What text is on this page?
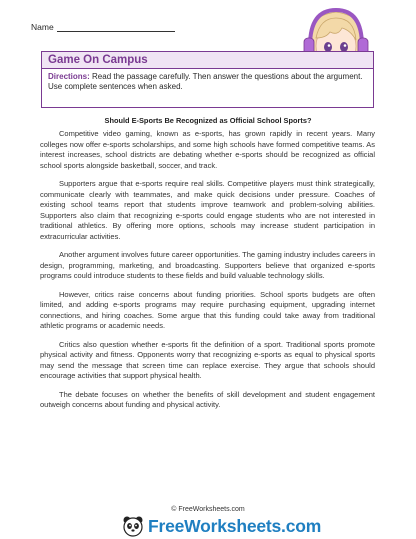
Name
Game On Campus
Directions: Read the passage carefully. Then answer the questions about the argument. Use complete sentences when asked.
Should E-Sports Be Recognized as Official School Sports?

Competitive video gaming, known as e-sports, has grown rapidly in recent years. Many colleges now offer e-sports scholarships, and some high schools have formed competitive teams. As interest increases, school districts are debating whether e-sports should be recognized as official school sports alongside basketball, soccer, and track.

Supporters argue that e-sports require real skills. Competitive players must think strategically, communicate clearly with teammates, and make quick decisions under pressure. Coaches of existing school teams report that students improve teamwork and problem-solving abilities. Supporters also claim that recognizing e-sports could engage students who are not interested in traditional athletics. By offering more options, schools may increase student participation in extracurricular activities.

Another argument involves future career opportunities. The gaming industry includes careers in design, programming, marketing, and broadcasting. Supporters believe that organized e-sports programs could introduce students to these fields and build valuable technology skills.

However, critics raise concerns about funding priorities. School sports budgets are often limited, and adding e-sports programs may require purchasing equipment, upgrading internet connections, and hiring coaches. Some argue that this funding could take away from traditional athletic programs or academic needs.

Critics also question whether e-sports fit the definition of a sport. Traditional sports promote physical activity and fitness. Opponents worry that recognizing e-sports as equal to physical sports may send the message that screen time can replace exercise. They argue that schools should encourage activities that support physical health.

The debate focuses on whether the benefits of skill development and student engagement outweigh concerns about funding and physical activity.

© FreeWorksheets.com
FreeWorksheets.com
